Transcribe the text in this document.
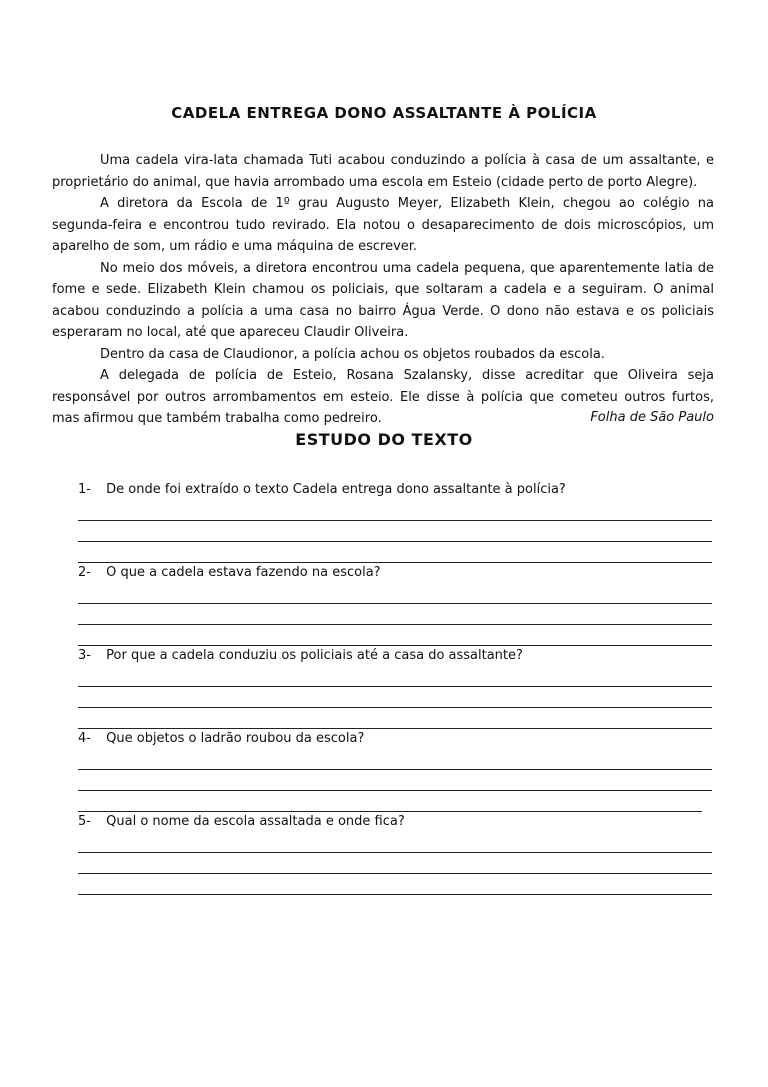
CADELA ENTREGA DONO ASSALTANTE À POLÍCIA

Uma cadela vira-lata chamada Tuti acabou conduzindo a polícia à casa de um assaltante, e proprietário do animal, que havia arrombado uma escola em Esteio (cidade perto de porto Alegre).

A diretora da Escola de 1º grau Augusto Meyer, Elizabeth Klein, chegou ao colégio na segunda-feira e encontrou tudo revirado. Ela notou o desaparecimento de dois microscópios, um aparelho de som, um rádio e uma máquina de escrever.

No meio dos móveis, a diretora encontrou uma cadela pequena, que aparentemente latia de fome e sede. Elizabeth Klein chamou os policiais, que soltaram a cadela e a seguiram. O animal acabou conduzindo a polícia a uma casa no bairro Água Verde. O dono não estava e os policiais esperaram no local, até que apareceu Claudir Oliveira.

Dentro da casa de Claudionor, a polícia achou os objetos roubados da escola.

A delegada de polícia de Esteio, Rosana Szalansky, disse acreditar que Oliveira seja responsável por outros arrombamentos em esteio. Ele disse à polícia que cometeu outros furtos, mas afirmou que também trabalha como pedreiro.	Folha de São Paulo
ESTUDO DO TEXTO
1- De onde foi extraído o texto Cadela entrega dono assaltante à polícia?
2- O que a cadela estava fazendo na escola?
3- Por que a cadela conduziu os policiais até a casa do assaltante?
4- Que objetos o ladrão roubou da escola?
5- Qual o nome da escola assaltada e onde fica?
